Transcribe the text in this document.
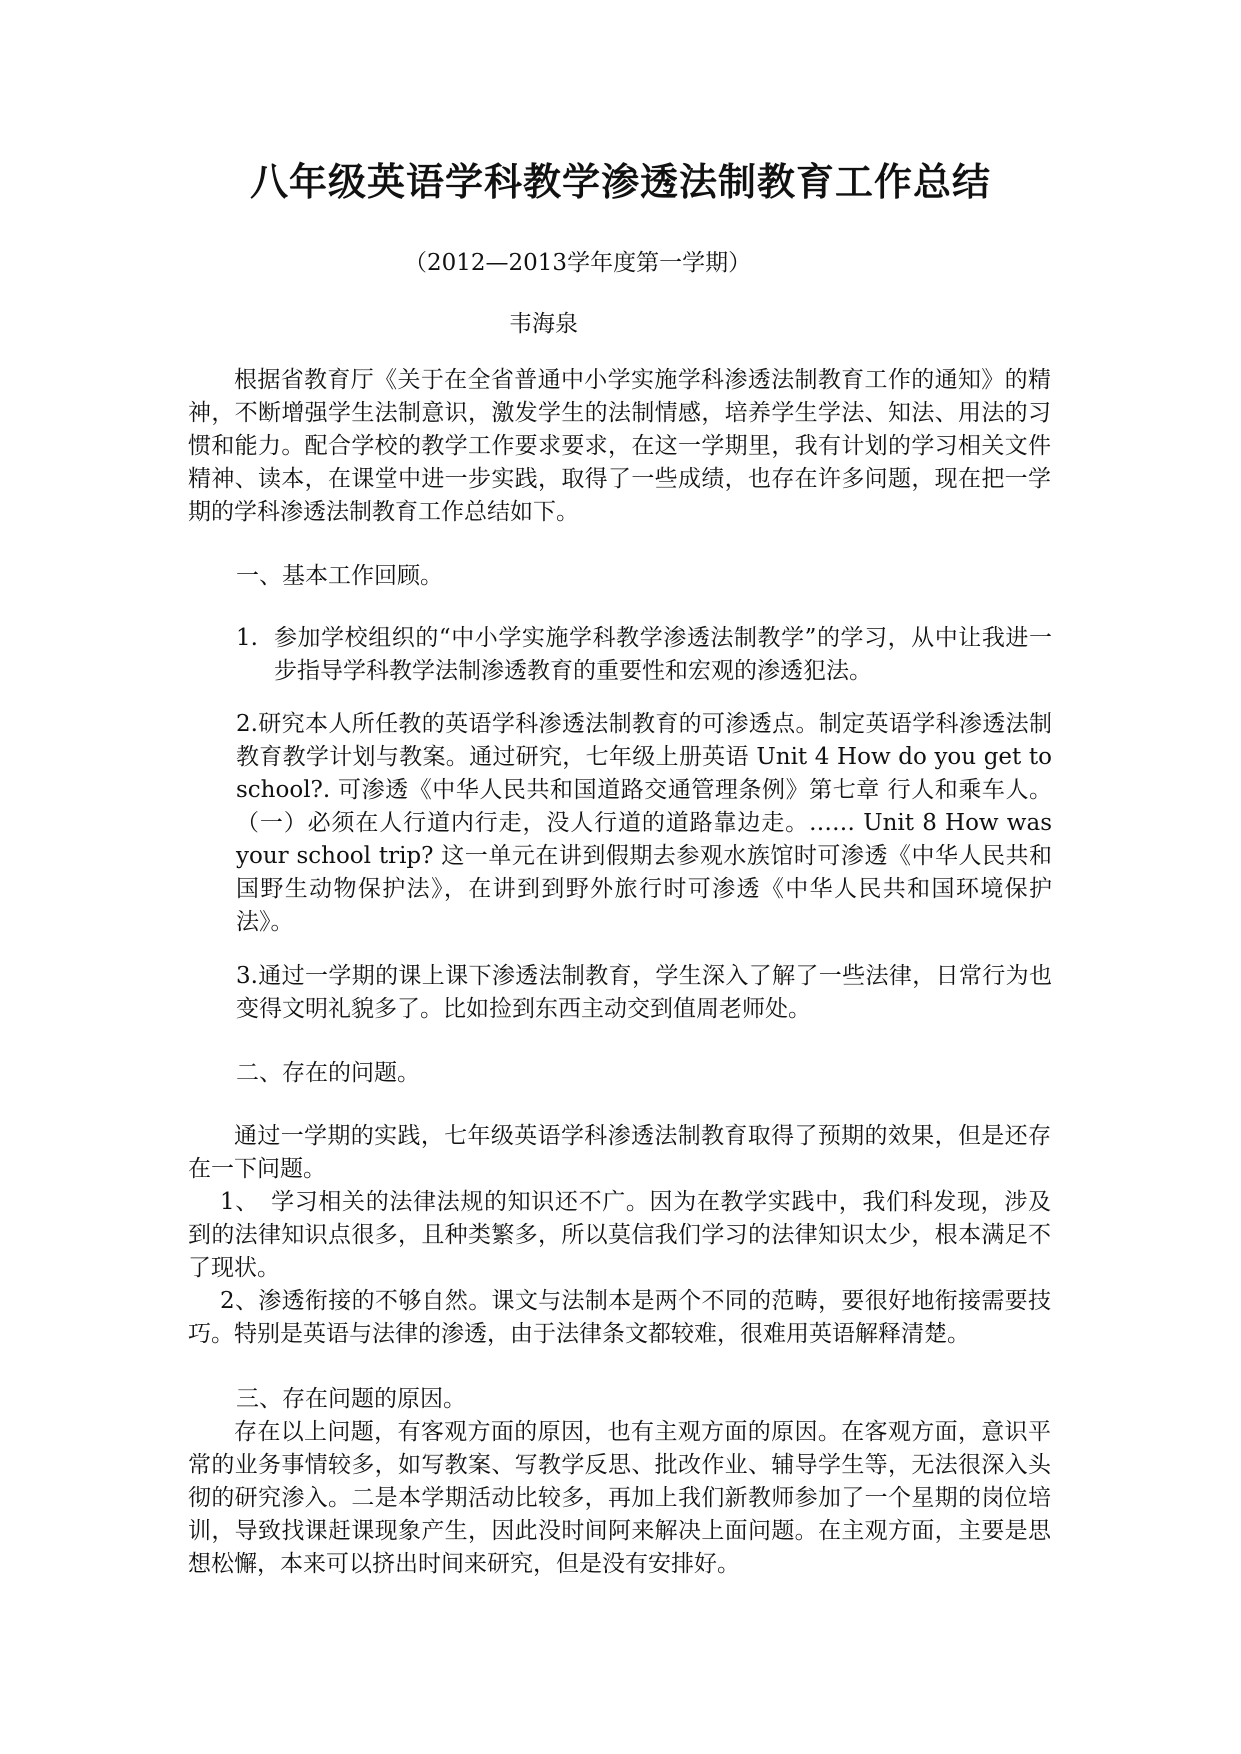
八年级英语学科教学渗透法制教育工作总结

（2012—2013学年度第一学期）

韦海泉

根据省教育厅《关于在全省普通中小学实施学科渗透法制教育工作的通知》的精神，不断增强学生法制意识，激发学生的法制情感，培养学生学法、知法、用法的习惯和能力。配合学校的教学工作要求要求，在这一学期里，我有计划的学习相关文件精神、读本，在课堂中进一步实践，取得了一些成绩，也存在许多问题，现在把一学期的学科渗透法制教育工作总结如下。

一、基本工作回顾。

1. 参加学校组织的“中小学实施学科教学渗透法制教学”的学习，从中让我进一步指导学科教学法制渗透教育的重要性和宏观的渗透犯法。

2.研究本人所任教的英语学科渗透法制教育的可渗透点。制定英语学科渗透法制教育教学计划与教案。通过研究，七年级上册英语 Unit 4 How do you get to school?. 可渗透《中华人民共和国道路交通管理条例》第七章 行人和乘车人。（一）必须在人行道内行走，没人行道的道路靠边走。…… Unit 8 How was your school trip? 这一单元在讲到假期去参观水族馆时可渗透《中华人民共和国野生动物保护法》，在讲到到野外旅行时可渗透《中华人民共和国环境保护法》。

3.通过一学期的课上课下渗透法制教育，学生深入了解了一些法律，日常行为也变得文明礼貌多了。比如捡到东西主动交到值周老师处。

二、存在的问题。

通过一学期的实践，七年级英语学科渗透法制教育取得了预期的效果，但是还存在一下问题。

1、　学习相关的法律法规的知识还不广。因为在教学实践中，我们科发现，涉及到的法律知识点很多，且种类繁多，所以莫信我们学习的法律知识太少，根本满足不了现状。

2、渗透衔接的不够自然。课文与法制本是两个不同的范畴，要很好地衔接需要技巧。特别是英语与法律的渗透，由于法律条文都较难，很难用英语解释清楚。

三、存在问题的原因。

存在以上问题，有客观方面的原因，也有主观方面的原因。在客观方面，意识平常的业务事情较多，如写教案、写教学反思、批改作业、辅导学生等，无法很深入头彻的研究渗入。二是本学期活动比较多，再加上我们新教师参加了一个星期的岗位培训，导致找课赶课现象产生，因此没时间阿来解决上面问题。在主观方面，主要是思想松懈，本来可以挤出时间来研究，但是没有安排好。
